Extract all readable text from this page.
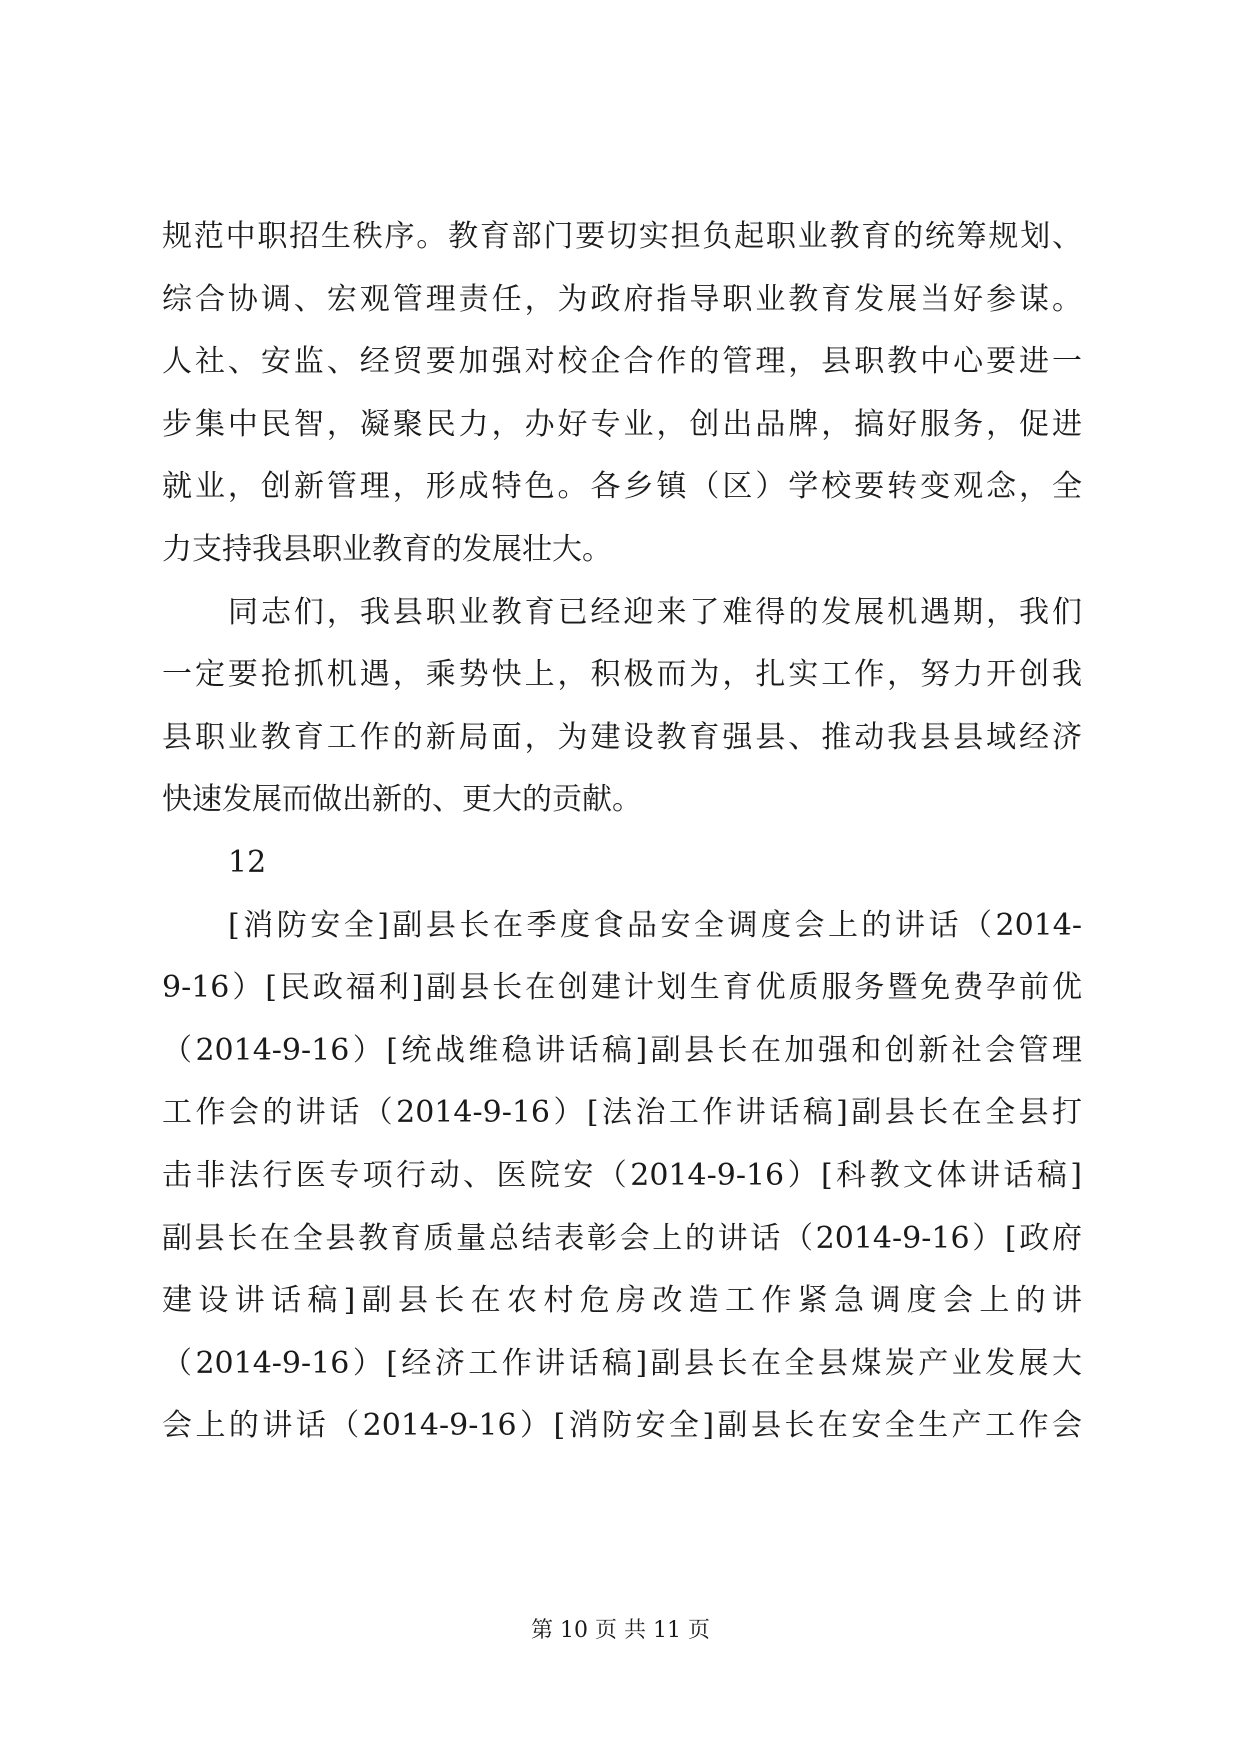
规范中职招生秩序。教育部门要切实担负起职业教育的统筹规划、
综合协调、宏观管理责任，为政府指导职业教育发展当好参谋。
人社、安监、经贸要加强对校企合作的管理，县职教中心要进一
步集中民智，凝聚民力，办好专业，创出品牌，搞好服务，促进
就业，创新管理，形成特色。各乡镇（区）学校要转变观念，全
力支持我县职业教育的发展壮大。
同志们，我县职业教育已经迎来了难得的发展机遇期，我们
一定要抢抓机遇，乘势快上，积极而为，扎实工作，努力开创我
县职业教育工作的新局面，为建设教育强县、推动我县县域经济
快速发展而做出新的、更大的贡献。
12
[消防安全]副县长在季度食品安全调度会上的讲话（2014-
9-16）[民政福利]副县长在创建计划生育优质服务暨免费孕前优
（2014-9-16）[统战维稳讲话稿]副县长在加强和创新社会管理
工作会的讲话（2014-9-16）[法治工作讲话稿]副县长在全县打
击非法行医专项行动、医院安（2014-9-16）[科教文体讲话稿]
副县长在全县教育质量总结表彰会上的讲话（2014-9-16）[政府
建设讲话稿]副县长在农村危房改造工作紧急调度会上的讲
（2014-9-16）[经济工作讲话稿]副县长在全县煤炭产业发展大
会上的讲话（2014-9-16）[消防安全]副县长在安全生产工作会
第 10 页 共 11 页
